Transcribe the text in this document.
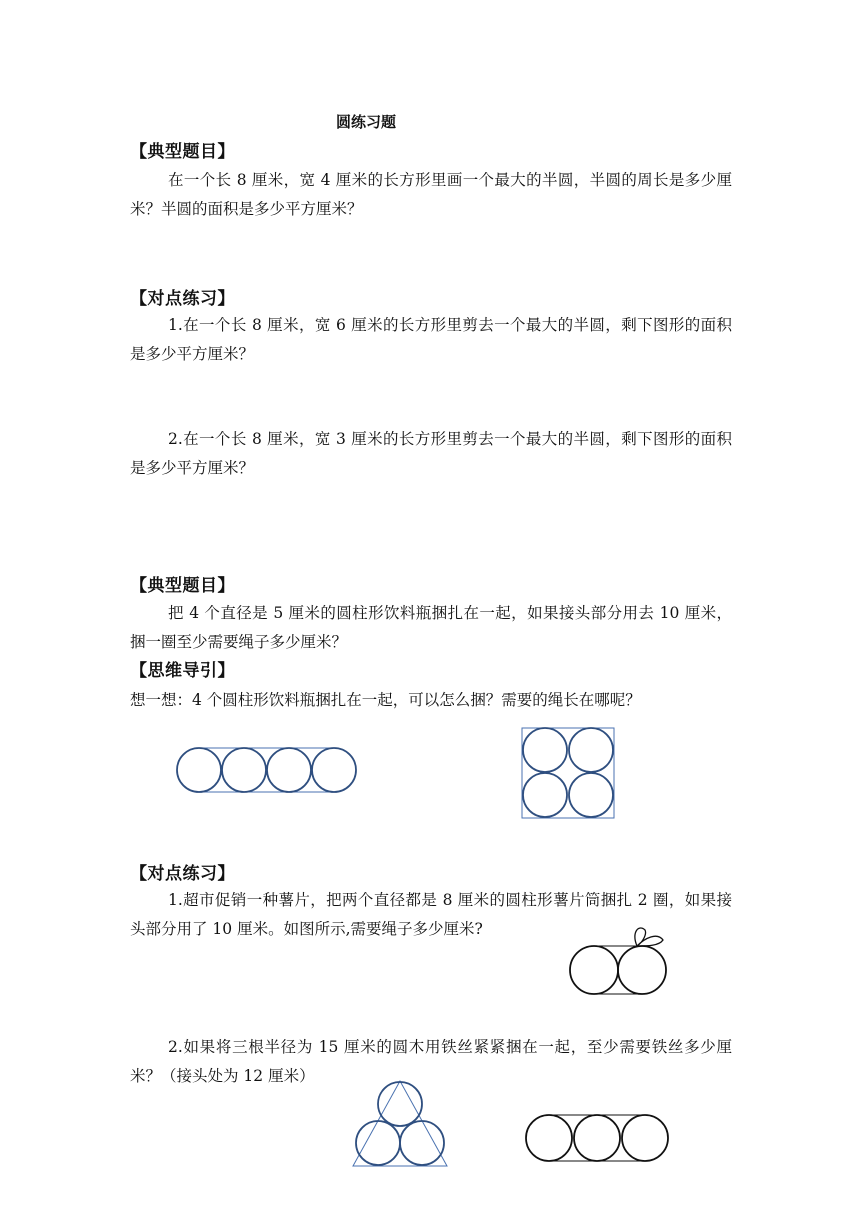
圆练习题
【典型题目】
在一个长 8 厘米，宽 4 厘米的长方形里画一个最大的半圆，半圆的周长是多少厘米？半圆的面积是多少平方厘米？
【对点练习】
1.在一个长 8 厘米，宽 6 厘米的长方形里剪去一个最大的半圆，剩下图形的面积是多少平方厘米？
2.在一个长 8 厘米，宽 3 厘米的长方形里剪去一个最大的半圆，剩下图形的面积是多少平方厘米？
【典型题目】
把 4 个直径是 5 厘米的圆柱形饮料瓶捆扎在一起，如果接头部分用去 10 厘米，捆一圈至少需要绳子多少厘米？
【思维导引】
想一想：4 个圆柱形饮料瓶捆扎在一起，可以怎么捆？需要的绳长在哪呢？
【对点练习】
1.超市促销一种薯片，把两个直径都是 8 厘米的圆柱形薯片筒捆扎 2 圈，如果接头部分用了 10 厘米。如图所示,需要绳子多少厘米?
2.如果将三根半径为 15 厘米的圆木用铁丝紧紧捆在一起，至少需要铁丝多少厘米？（接头处为 12 厘米）
